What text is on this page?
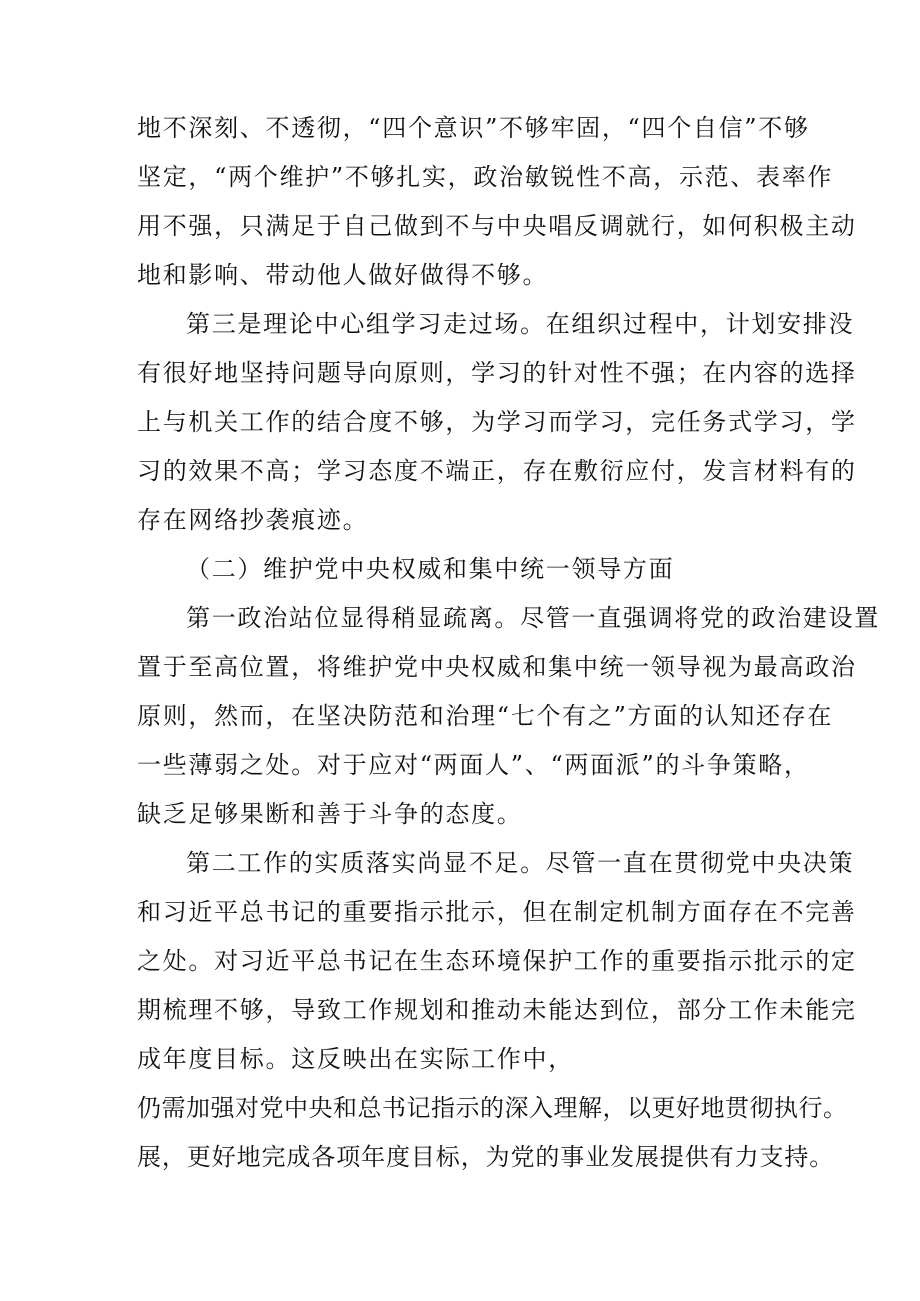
地不深刻、不透彻，“四个意识”不够牢固，“四个自信”不够
坚定，“两个维护”不够扎实，政治敏锐性不高，示范、表率作
用不强，只满足于自己做到不与中央唱反调就行，如何积极主动
地和影响、带动他人做好做得不够。
第三是理论中心组学习走过场。在组织过程中，计划安排没
有很好地坚持问题导向原则，学习的针对性不强；在内容的选择
上与机关工作的结合度不够，为学习而学习，完任务式学习，学
习的效果不高；学习态度不端正，存在敷衍应付，发言材料有的
存在网络抄袭痕迹。
（二）维护党中央权威和集中统一领导方面
第一政治站位显得稍显疏离。尽管一直强调将党的政治建设置
置于至高位置，将维护党中央权威和集中统一领导视为最高政治
原则，然而，在坚决防范和治理“七个有之”方面的认知还存在
一些薄弱之处。对于应对“两面人”、“两面派”的斗争策略，
缺乏足够果断和善于斗争的态度。
第二工作的实质落实尚显不足。尽管一直在贯彻党中央决策
和习近平总书记的重要指示批示，但在制定机制方面存在不完善
之处。对习近平总书记在生态环境保护工作的重要指示批示的定
期梳理不够，导致工作规划和推动未能达到位，部分工作未能完
成年度目标。这反映出在实际工作中，
仍需加强对党中央和总书记指示的深入理解，以更好地贯彻执行。
展，更好地完成各项年度目标，为党的事业发展提供有力支持。
